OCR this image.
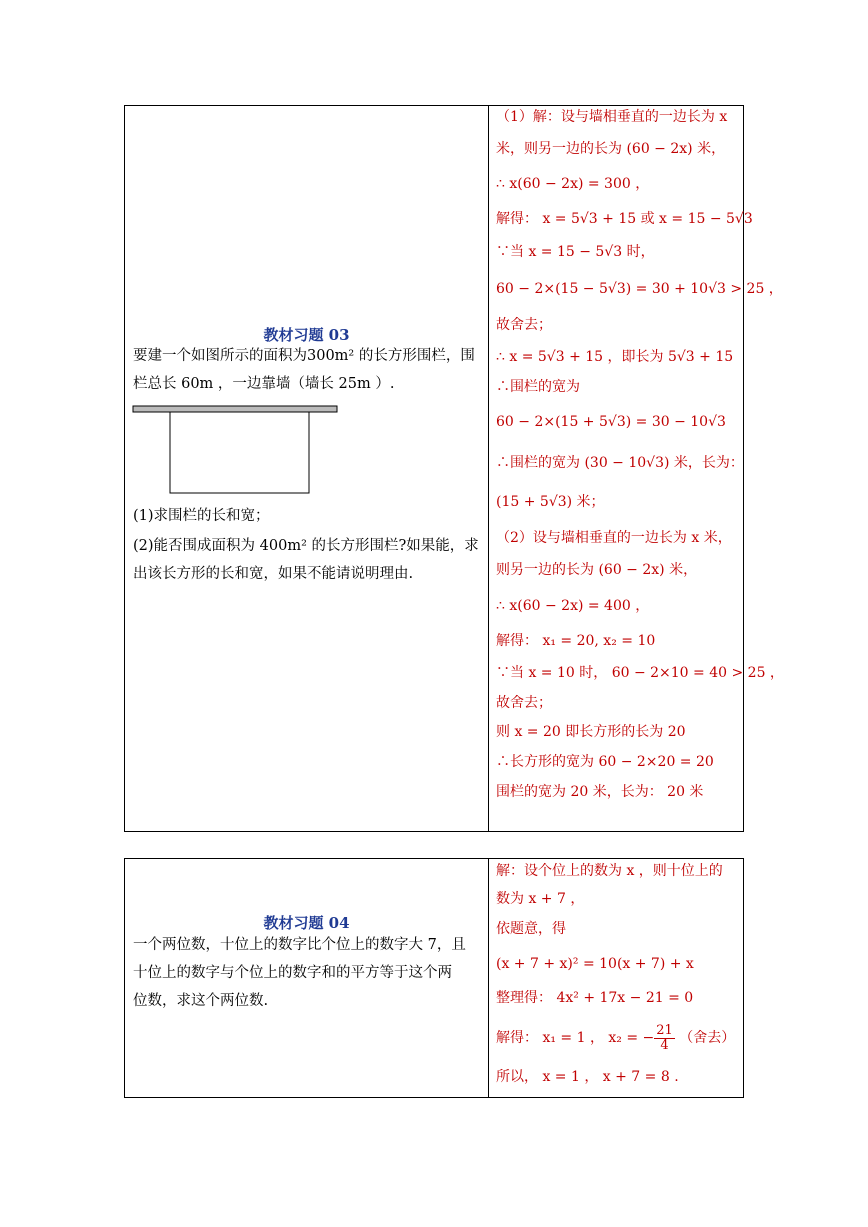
教材习题 03

要建一个如图所示的面积为300m² 的长方形围栏，围

栏总长 60m ，一边靠墙（墙长 25m ）.

(1)求围栏的长和宽；

(2)能否围成面积为 400m² 的长方形围栏?如果能，求

出该长方形的长和宽，如果不能请说明理由.

（1）解：设与墙相垂直的一边长为 x
米，则另一边的长为 (60 − 2x) 米，
∴ x(60 − 2x) = 300 ，
解得： x = 5√3 + 15 或 x = 15 − 5√3
∵当 x = 15 − 5√3 时，
60 − 2×(15 − 5√3) = 30 + 10√3 > 25 ，
故舍去；
∴ x = 5√3 + 15 ，即长为 5√3 + 15
∴围栏的宽为
60 − 2×(15 + 5√3) = 30 − 10√3
∴围栏的宽为 (30 − 10√3) 米，长为：
(15 + 5√3) 米；
（2）设与墙相垂直的一边长为 x 米，
则另一边的长为 (60 − 2x) 米，
∴ x(60 − 2x) = 400 ，
解得： x₁ = 20, x₂ = 10
∵当 x = 10 时， 60 − 2×10 = 40 > 25 ，
故舍去；
则 x = 20 即长方形的长为 20
∴长方形的宽为 60 − 2×20 = 20
围栏的宽为 20 米，长为： 20 米
教材习题 04

一个两位数，十位上的数字比个位上的数字大 7，且

十位上的数字与个位上的数字和的平方等于这个两

位数，求这个两位数.

解：设个位上的数为 x ，则十位上的
数为 x + 7 ，
依题意，得
(x + 7 + x)² = 10(x + 7) + x
整理得： 4x² + 17x − 21 = 0
解得： x₁ = 1 ， x₂ = − $\frac{21}{4}$ （舍去）
所以， x = 1 ， x + 7 = 8 .
